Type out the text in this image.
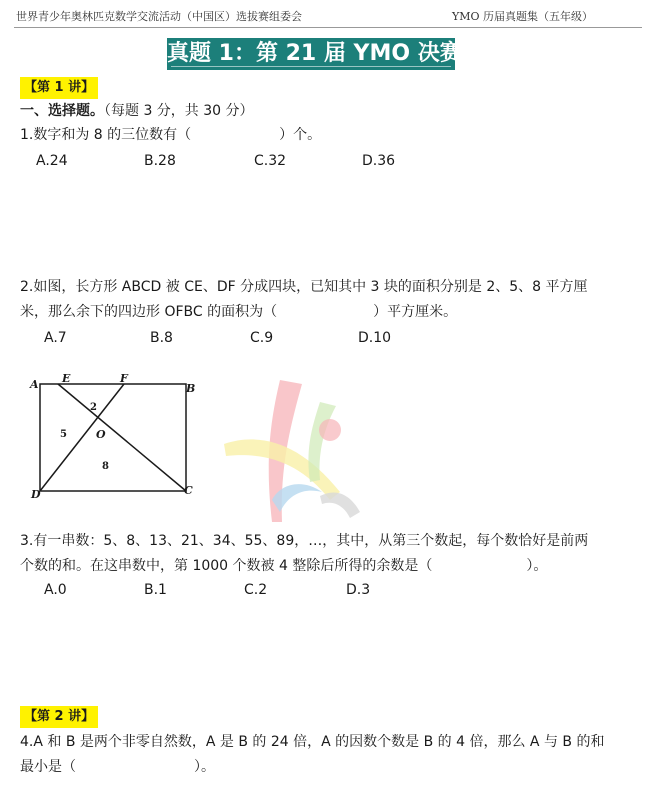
世界青少年奥林匹克数学交流活动（中国区）选拔赛组委会	YMO 历届真题集（五年级）
真题 1：第 21 届 YMO 决赛
【第 1 讲】
一、选择题。（每题 3 分，共 30 分）
1.数字和为 8 的三位数有（	）个。
A.24	B.28	C.32	D.36
2.如图，长方形 ABCD 被 CE、DF 分成四块，已知其中 3 块的面积分别是 2、5、8 平方厘
米，那么余下的四边形 OFBC 的面积为（	）平方厘米。
A.7	B.8	C.9	D.10
A E	F
B
D	C
O
2
5
8
3.有一串数：5、8、13、21、34、55、89，…，其中，从第三个数起，每个数恰好是前两
个数的和。在这串数中，第 1000 个数被 4 整除后所得的余数是（	）。
A.0	B.1	C.2	D.3
【第 2 讲】
4.A 和 B 是两个非零自然数，A 是 B 的 24 倍，A 的因数个数是 B 的 4 倍，那么 A 与 B 的和
最小是（	）。
